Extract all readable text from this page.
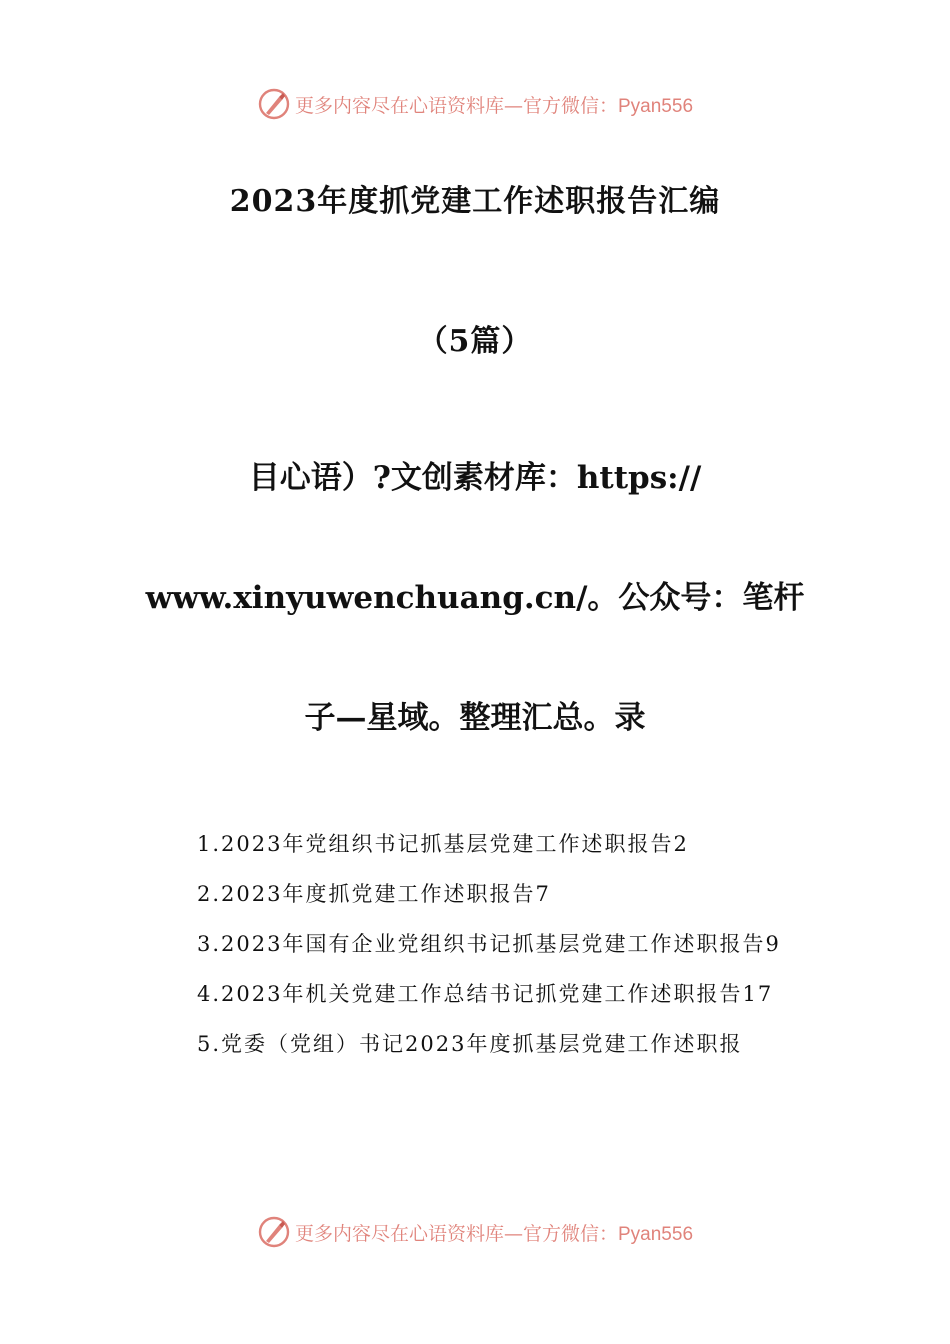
更多内容尽在心语资料库—官方微信：Pyan556
2023年度抓党建工作述职报告汇编
（5篇）
目心语）?文创素材库：https://
www.xinyuwenchuang.cn/。公众号：笔杆
子—星域。整理汇总。录

1.2023年党组织书记抓基层党建工作述职报告2

2.2023年度抓党建工作述职报告7

3.2023年国有企业党组织书记抓基层党建工作述职报告9

4.2023年机关党建工作总结书记抓党建工作述职报告17

5.党委（党组）书记2023年度抓基层党建工作述职报

更多内容尽在心语资料库—官方微信：Pyan556
